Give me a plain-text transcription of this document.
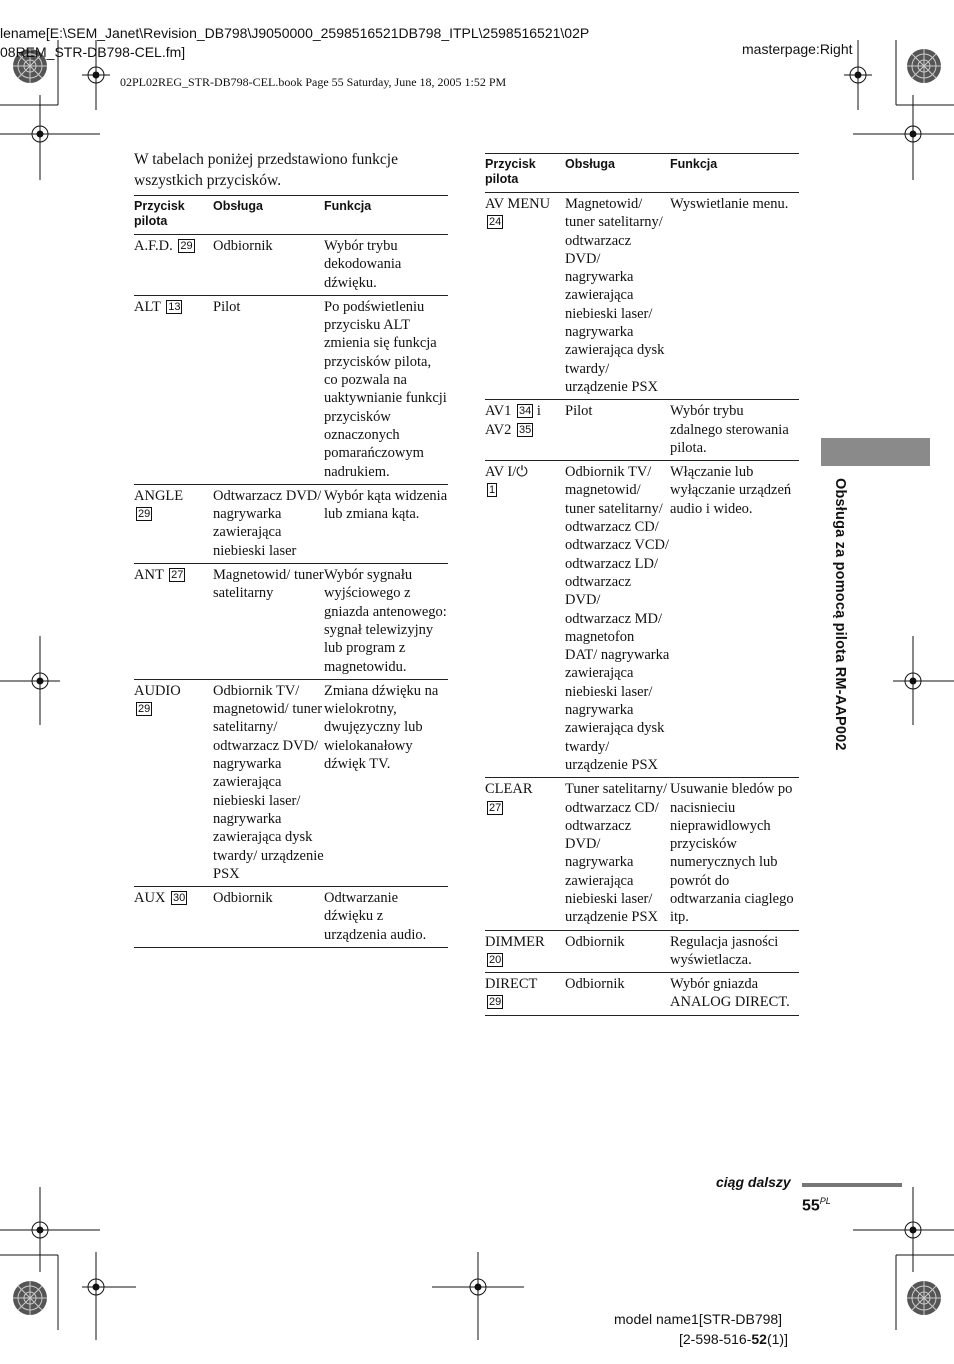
lename[E:\SEM_Janet\Revision_DB798\J9050000_2598516521DB798_ITPL\2598516521\02P
08REM_STR-DB798-CEL.fm]	masterpage:Right
02PL02REG_STR-DB798-CEL.book Page 55 Saturday, June 18, 2005 1:52 PM
W tabelach poniżej przedstawiono funkcje wszystkich przycisków.
Przycisk pilota	Obsługa	Funkcja
A.F.D. 29	Odbiornik	Wybór trybu dekodowania dźwięku.
ALT 13	Pilot	Po podświetleniu przycisku ALT zmienia się funkcja przycisków pilota, co pozwala na uaktywnianie funkcji przycisków oznaczonych pomarańczowym nadrukiem.
ANGLE
29	Odtwarzacz DVD/ nagrywarka zawierająca niebieski laser	Wybór kąta widzenia lub zmiana kąta.
ANT 27	Magnetowid/ tuner satelitarny	Wybór sygnału wyjściowego z gniazda antenowego: sygnał telewizyjny lub program z magnetowidu.
AUDIO
29	Odbiornik TV/ magnetowid/ tuner satelitarny/ odtwarzacz DVD/ nagrywarka zawierająca niebieski laser/ nagrywarka zawierająca dysk twardy/ urządzenie PSX	Zmiana dźwięku na wielokrotny, dwujęzyczny lub wielokanałowy dźwięk TV.
AUX 30	Odbiornik	Odtwarzanie dźwięku z urządzenia audio.
Przycisk pilota	Obsługa	Funkcja
AV MENU
24	Magnetowid/ tuner satelitarny/ odtwarzacz DVD/ nagrywarka zawierająca niebieski laser/ nagrywarka zawierająca dysk twardy/ urządzenie PSX	Wyswietlanie menu.
AV1 34 i
AV2 35	Pilot	Wybór trybu zdalnego sterowania pilota.
AV I/⏻
1	Odbiornik TV/ magnetowid/ tuner satelitarny/ odtwarzacz CD/ odtwarzacz VCD/ odtwarzacz LD/ odtwarzacz DVD/ odtwarzacz MD/ magnetofon DAT/ nagrywarka zawierająca niebieski laser/ nagrywarka zawierająca dysk twardy/ urządzenie PSX	Włączanie lub wyłączanie urządzeń audio i wideo.
CLEAR
27	Tuner satelitarny/ odtwarzacz CD/ odtwarzacz DVD/ nagrywarka zawierająca niebieski laser/ urządzenie PSX	Usuwanie bledów po nacisnieciu nieprawidlowych przycisków numerycznych lub powrót do odtwarzania ciaglego itp.
DIMMER
20	Odbiornik	Regulacja jasności wyświetlacza.
DIRECT
29	Odbiornik	Wybór gniazda ANALOG DIRECT.
Obsługa za pomocą pilota RM-AAP002
ciąg dalszy
$55^{PL}$
model name1[STR-DB798]
[2-598-516-52(1)]
